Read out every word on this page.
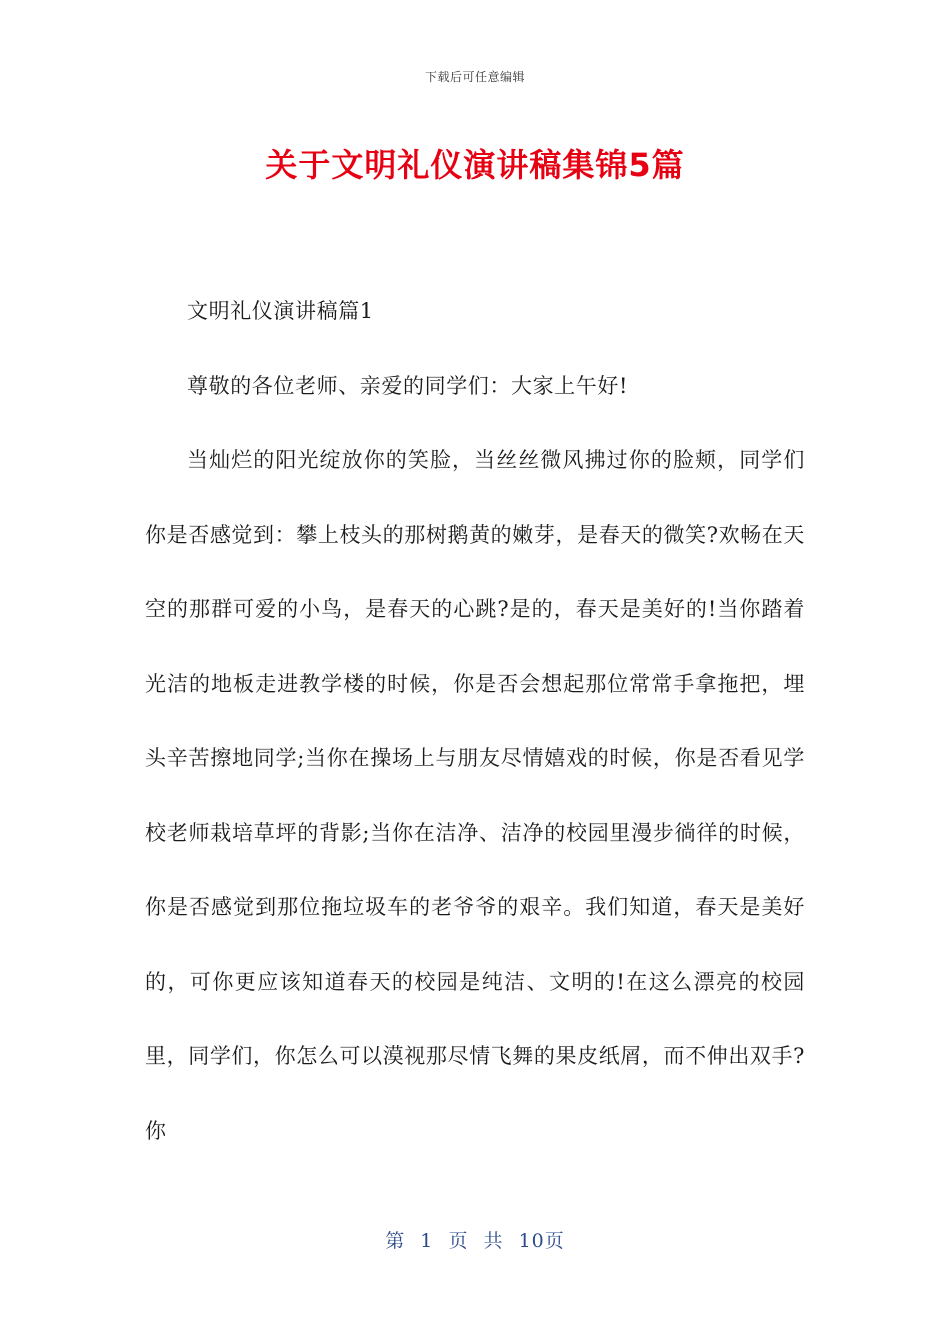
下载后可任意编辑
关于文明礼仪演讲稿集锦5篇

文明礼仪演讲稿篇1

尊敬的各位老师、亲爱的同学们：大家上午好!

当灿烂的阳光绽放你的笑脸，当丝丝微风拂过你的脸颊，同学们你是否感觉到：攀上枝头的那树鹅黄的嫩芽，是春天的微笑?欢畅在天空的那群可爱的小鸟，是春天的心跳?是的，春天是美好的!当你踏着光洁的地板走进教学楼的时候，你是否会想起那位常常手拿拖把，埋头辛苦擦地同学;当你在操场上与朋友尽情嬉戏的时候，你是否看见学校老师栽培草坪的背影;当你在洁净、洁净的校园里漫步徜徉的时候，你是否感觉到那位拖垃圾车的老爷爷的艰辛。我们知道，春天是美好的，可你更应该知道春天的校园是纯洁、文明的!在这么漂亮的校园里，同学们，你怎么可以漠视那尽情飞舞的果皮纸屑，而不伸出双手?你

第 1 页 共 10页
